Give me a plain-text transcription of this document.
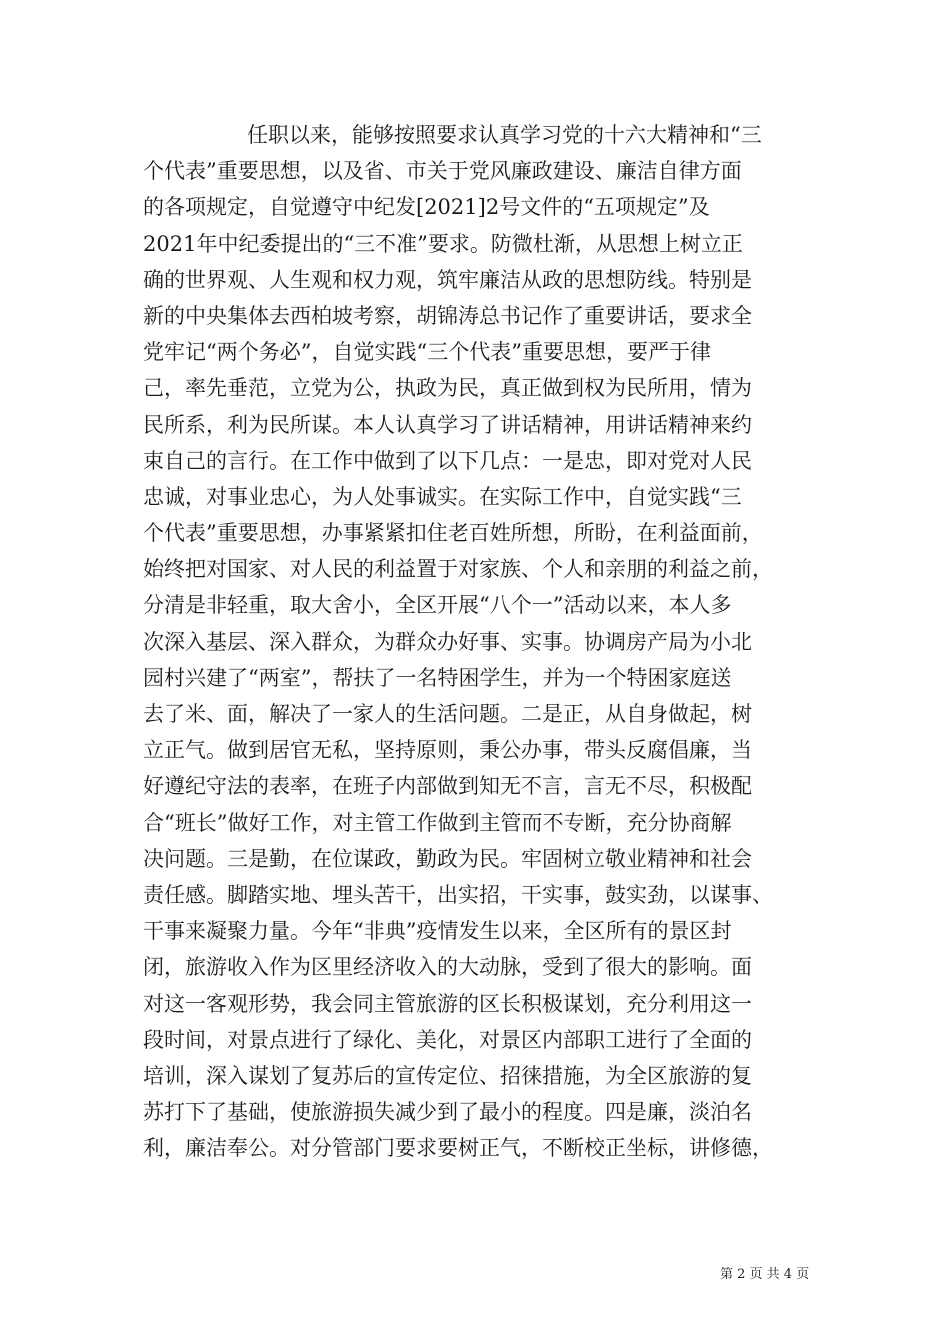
任职以来，能够按照要求认真学习党的十六大精神和“三
个代表”重要思想，以及省、市关于党风廉政建设、廉洁自律方面
的各项规定，自觉遵守中纪发[2021]2号文件的“五项规定”及
2021年中纪委提出的“三不准”要求。防微杜渐，从思想上树立正
确的世界观、人生观和权力观，筑牢廉洁从政的思想防线。特别是
新的中央集体去西柏坡考察，胡锦涛总书记作了重要讲话，要求全
党牢记“两个务必”，自觉实践“三个代表”重要思想，要严于律
己，率先垂范，立党为公，执政为民，真正做到权为民所用，情为
民所系，利为民所谋。本人认真学习了讲话精神，用讲话精神来约
束自己的言行。在工作中做到了以下几点：一是忠，即对党对人民
忠诚，对事业忠心，为人处事诚实。在实际工作中，自觉实践“三
个代表”重要思想，办事紧紧扣住老百姓所想，所盼，在利益面前，
始终把对国家、对人民的利益置于对家族、个人和亲朋的利益之前，
分清是非轻重，取大舍小，全区开展“八个一”活动以来，本人多
次深入基层、深入群众，为群众办好事、实事。协调房产局为小北
园村兴建了“两室”，帮扶了一名特困学生，并为一个特困家庭送
去了米、面，解决了一家人的生活问题。二是正，从自身做起，树
立正气。做到居官无私，坚持原则，秉公办事，带头反腐倡廉，当
好遵纪守法的表率，在班子内部做到知无不言，言无不尽，积极配
合“班长”做好工作，对主管工作做到主管而不专断，充分协商解
决问题。三是勤，在位谋政，勤政为民。牢固树立敬业精神和社会
责任感。脚踏实地、埋头苦干，出实招，干实事，鼓实劲，以谋事、
干事来凝聚力量。今年“非典”疫情发生以来，全区所有的景区封
闭，旅游收入作为区里经济收入的大动脉，受到了很大的影响。面
对这一客观形势，我会同主管旅游的区长积极谋划，充分利用这一
段时间，对景点进行了绿化、美化，对景区内部职工进行了全面的
培训，深入谋划了复苏后的宣传定位、招徕措施，为全区旅游的复
苏打下了基础，使旅游损失减少到了最小的程度。四是廉，淡泊名
利，廉洁奉公。对分管部门要求要树正气，不断校正坐标，讲修德，
第 2 页 共 4 页
